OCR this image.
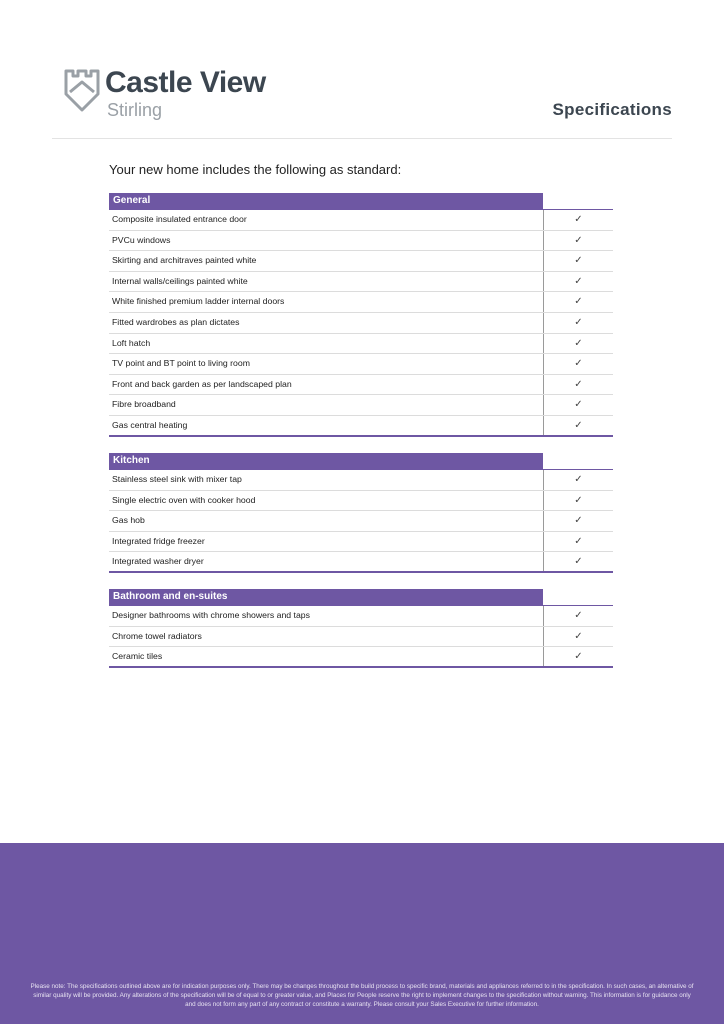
Castle View
Stirling	Specifications
Your new home includes the following as standard:
General
Composite insulated entrance door	✓
PVCu windows	✓
Skirting and architraves painted white	✓
Internal walls/ceilings painted white	✓
White finished premium ladder internal doors	✓
Fitted wardrobes as plan dictates	✓
Loft hatch	✓
TV point and BT point to living room	✓
Front and back garden as per landscaped plan	✓
Fibre broadband	✓
Gas central heating	✓
Kitchen
Stainless steel sink with mixer tap	✓
Single electric oven with cooker hood	✓
Gas hob	✓
Integrated fridge freezer	✓
Integrated washer dryer	✓
Bathroom and en-suites
Designer bathrooms with chrome showers and taps	✓
Chrome towel radiators	✓
Ceramic tiles	✓
Please note: The specifications outlined above are for indication purposes only. There may be changes throughout the build process to specific brand, materials and appliances referred to in the specification. In such cases, an alternative of similar quality will be provided. Any alterations of the specification will be of equal to or greater value, and Places for People reserve the right to implement changes to the specification without warning. This information is for guidance only and does not form any part of any contract or constitute a warranty. Please consult your Sales Executive for further information.
